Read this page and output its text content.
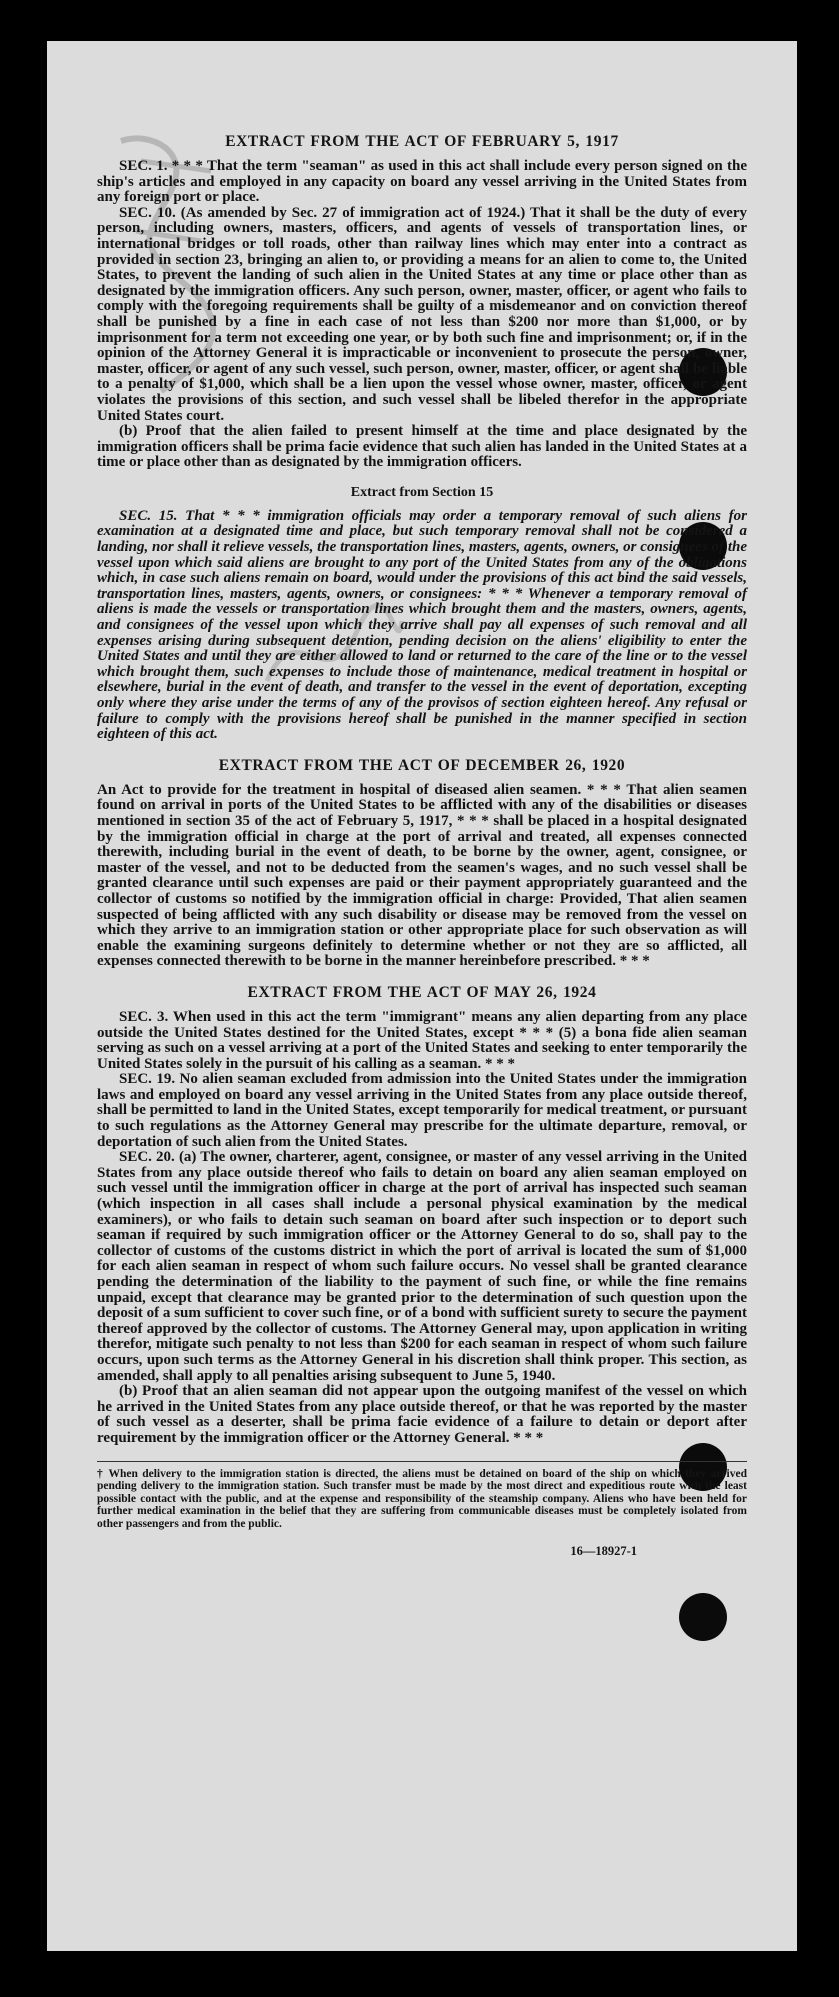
EXTRACT FROM THE ACT OF FEBRUARY 5, 1917

SEC. 1. * * * That the term "seaman" as used in this act shall include every person signed on the ship's articles and employed in any capacity on board any vessel arriving in the United States from any foreign port or place.

SEC. 10. (As amended by Sec. 27 of immigration act of 1924.) That it shall be the duty of every person, including owners, masters, officers, and agents of vessels of transportation lines, or international bridges or toll roads, other than railway lines which may enter into a contract as provided in section 23, bringing an alien to, or providing a means for an alien to come to, the United States, to prevent the landing of such alien in the United States at any time or place other than as designated by the immigration officers. Any such person, owner, master, officer, or agent who fails to comply with the foregoing requirements shall be guilty of a misdemeanor and on conviction thereof shall be punished by a fine in each case of not less than $200 nor more than $1,000, or by imprisonment for a term not exceeding one year, or by both such fine and imprisonment; or, if in the opinion of the Attorney General it is impracticable or inconvenient to prosecute the person, owner, master, officer, or agent of any such vessel, such person, owner, master, officer, or agent shall be liable to a penalty of $1,000, which shall be a lien upon the vessel whose owner, master, officer, or agent violates the provisions of this section, and such vessel shall be libeled therefor in the appropriate United States court.

(b) Proof that the alien failed to present himself at the time and place designated by the immigration officers shall be prima facie evidence that such alien has landed in the United States at a time or place other than as designated by the immigration officers.

Extract from Section 15

SEC. 15. That * * * immigration officials may order a temporary removal of such aliens for examination at a designated time and place, but such temporary removal shall not be considered a landing, nor shall it relieve vessels, the transportation lines, masters, agents, owners, or consignees of the vessel upon which said aliens are brought to any port of the United States from any of the obligations which, in case such aliens remain on board, would under the provisions of this act bind the said vessels, transportation lines, masters, agents, owners, or consignees: * * * Whenever a temporary removal of aliens is made the vessels or transportation lines which brought them and the masters, owners, agents, and consignees of the vessel upon which they arrive shall pay all expenses of such removal and all expenses arising during subsequent detention, pending decision on the aliens' eligibility to enter the United States and until they are either allowed to land or returned to the care of the line or to the vessel which brought them, such expenses to include those of maintenance, medical treatment in hospital or elsewhere, burial in the event of death, and transfer to the vessel in the event of deportation, excepting only where they arise under the terms of any of the provisos of section eighteen hereof. Any refusal or failure to comply with the provisions hereof shall be punished in the manner specified in section eighteen of this act.

EXTRACT FROM THE ACT OF DECEMBER 26, 1920

An Act to provide for the treatment in hospital of diseased alien seamen. * * * That alien seamen found on arrival in ports of the United States to be afflicted with any of the disabilities or diseases mentioned in section 35 of the act of February 5, 1917, * * * shall be placed in a hospital designated by the immigration official in charge at the port of arrival and treated, all expenses connected therewith, including burial in the event of death, to be borne by the owner, agent, consignee, or master of the vessel, and not to be deducted from the seamen's wages, and no such vessel shall be granted clearance until such expenses are paid or their payment appropriately guaranteed and the collector of customs so notified by the immigration official in charge: Provided, That alien seamen suspected of being afflicted with any such disability or disease may be removed from the vessel on which they arrive to an immigration station or other appropriate place for such observation as will enable the examining surgeons definitely to determine whether or not they are so afflicted, all expenses connected therewith to be borne in the manner hereinbefore prescribed. * * *

EXTRACT FROM THE ACT OF MAY 26, 1924

SEC. 3. When used in this act the term "immigrant" means any alien departing from any place outside the United States destined for the United States, except * * * (5) a bona fide alien seaman serving as such on a vessel arriving at a port of the United States and seeking to enter temporarily the United States solely in the pursuit of his calling as a seaman. * * *

SEC. 19. No alien seaman excluded from admission into the United States under the immigration laws and employed on board any vessel arriving in the United States from any place outside thereof, shall be permitted to land in the United States, except temporarily for medical treatment, or pursuant to such regulations as the Attorney General may prescribe for the ultimate departure, removal, or deportation of such alien from the United States.

SEC. 20. (a) The owner, charterer, agent, consignee, or master of any vessel arriving in the United States from any place outside thereof who fails to detain on board any alien seaman employed on such vessel until the immigration officer in charge at the port of arrival has inspected such seaman (which inspection in all cases shall include a personal physical examination by the medical examiners), or who fails to detain such seaman on board after such inspection or to deport such seaman if required by such immigration officer or the Attorney General to do so, shall pay to the collector of customs of the customs district in which the port of arrival is located the sum of $1,000 for each alien seaman in respect of whom such failure occurs. No vessel shall be granted clearance pending the determination of the liability to the payment of such fine, or while the fine remains unpaid, except that clearance may be granted prior to the determination of such question upon the deposit of a sum sufficient to cover such fine, or of a bond with sufficient surety to secure the payment thereof approved by the collector of customs. The Attorney General may, upon application in writing therefor, mitigate such penalty to not less than $200 for each seaman in respect of whom such failure occurs, upon such terms as the Attorney General in his discretion shall think proper. This section, as amended, shall apply to all penalties arising subsequent to June 5, 1940.

(b) Proof that an alien seaman did not appear upon the outgoing manifest of the vessel on which he arrived in the United States from any place outside thereof, or that he was reported by the master of such vessel as a deserter, shall be prima facie evidence of a failure to detain or deport after requirement by the immigration officer or the Attorney General. * * *

† When delivery to the immigration station is directed, the aliens must be detained on board of the ship on which they arrived pending delivery to the immigration station. Such transfer must be made by the most direct and expeditious route with the least possible contact with the public, and at the expense and responsibility of the steamship company. Aliens who have been held for further medical examination in the belief that they are suffering from communicable diseases must be completely isolated from other passengers and from the public.
16—18927-1
